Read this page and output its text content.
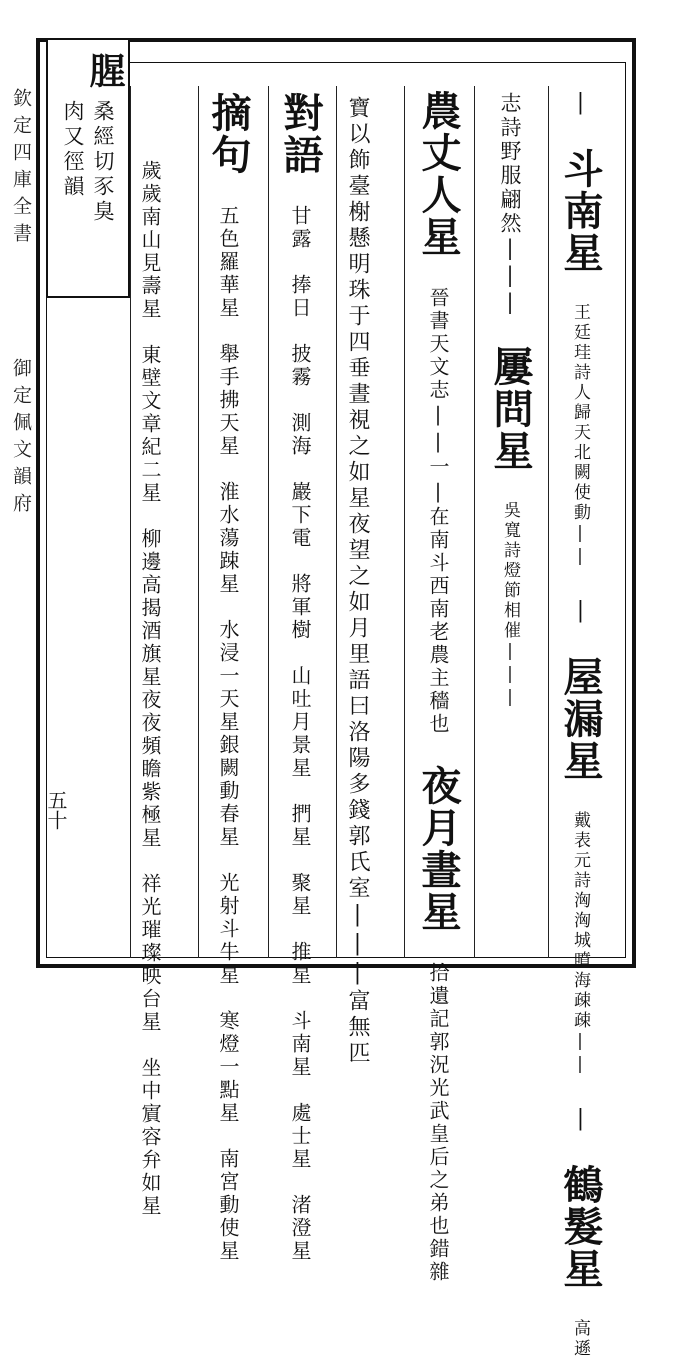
欽定四庫全書
御定佩文韻府
五十
腥
桑經切豕臭
肉又徑韻	| 斗南星 王廷珪詩人歸天北闕使動|| | 屋漏星 戴表元詩洶洶城噴海疎疎|| | 鶴髮星 高遜
志詩野服翩然||| 屢問星 吳寬詩燈節相催|||
農丈人星 晉書天文志||一|在南斗西南老農主穡也 夜月晝星 拾遺記郭況光武皇后之弟也錯雜
寶以飾臺榭懸明珠于四垂晝視之如星夜望之如月里語曰洛陽多錢郭氏室|||富無匹
對語 甘露　捧日　披霧　測海　巖下電　將軍樹　山吐月景星　捫星　聚星　推星　斗南星　處士星　渚澄星
摘句 五色羅華星　舉手拂天星　淮水蕩踈星　水浸一天星銀闕動春星　光射斗牛星　寒燈一點星　南宮動使星
歲歲南山見壽星　東壁文章紀二星　柳邊高揭酒旗星夜夜頻瞻紫極星　祥光璀璨映台星　坐中賔容弁如星
